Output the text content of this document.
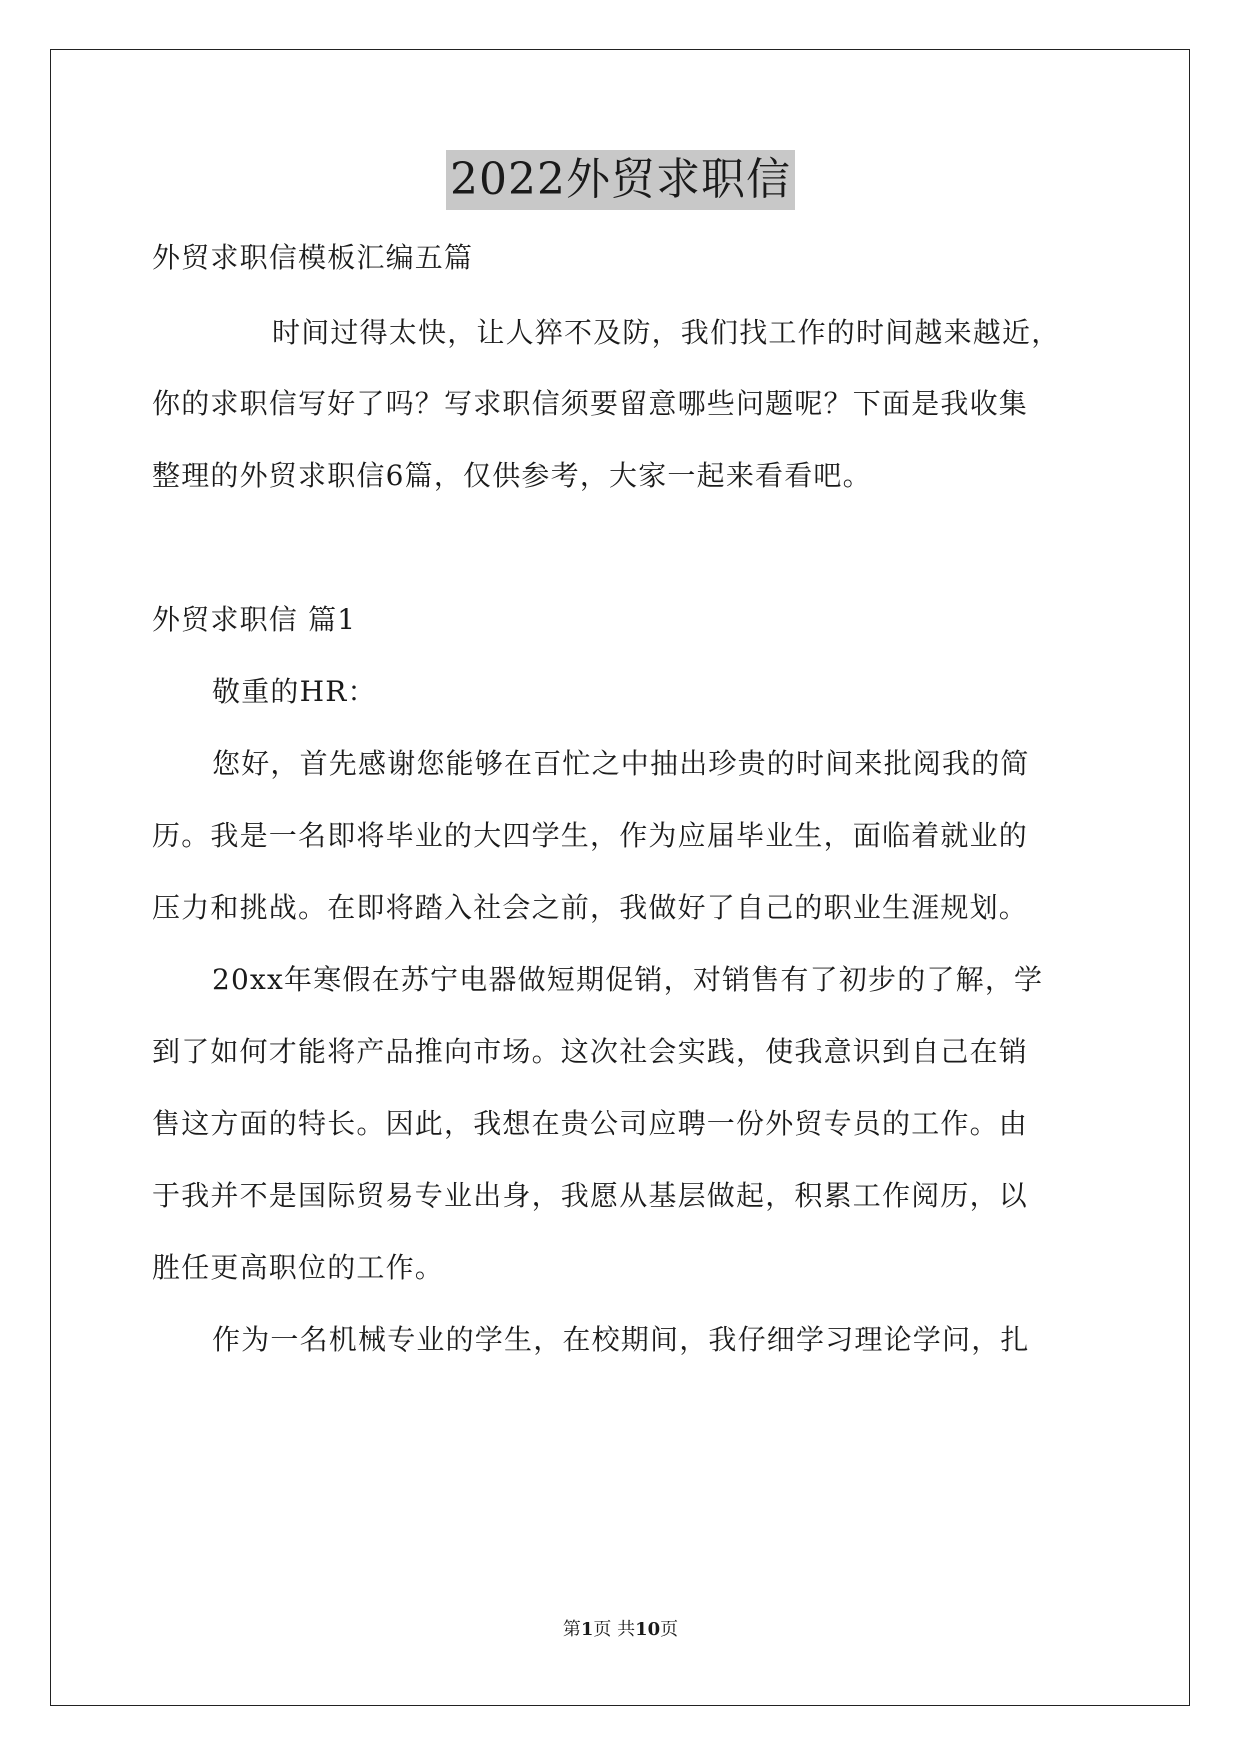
2022外贸求职信
外贸求职信模板汇编五篇
时间过得太快，让人猝不及防，我们找工作的时间越来越近，
你的求职信写好了吗？写求职信须要留意哪些问题呢？下面是我收集
整理的外贸求职信6篇，仅供参考，大家一起来看看吧。
外贸求职信 篇1
敬重的HR：
您好，首先感谢您能够在百忙之中抽出珍贵的时间来批阅我的简
历。我是一名即将毕业的大四学生，作为应届毕业生，面临着就业的
压力和挑战。在即将踏入社会之前，我做好了自己的职业生涯规划。
20xx年寒假在苏宁电器做短期促销，对销售有了初步的了解，学
到了如何才能将产品推向市场。这次社会实践，使我意识到自己在销
售这方面的特长。因此，我想在贵公司应聘一份外贸专员的工作。由
于我并不是国际贸易专业出身，我愿从基层做起，积累工作阅历，以
胜任更高职位的工作。
作为一名机械专业的学生，在校期间，我仔细学习理论学问，扎
第1页 共10页
